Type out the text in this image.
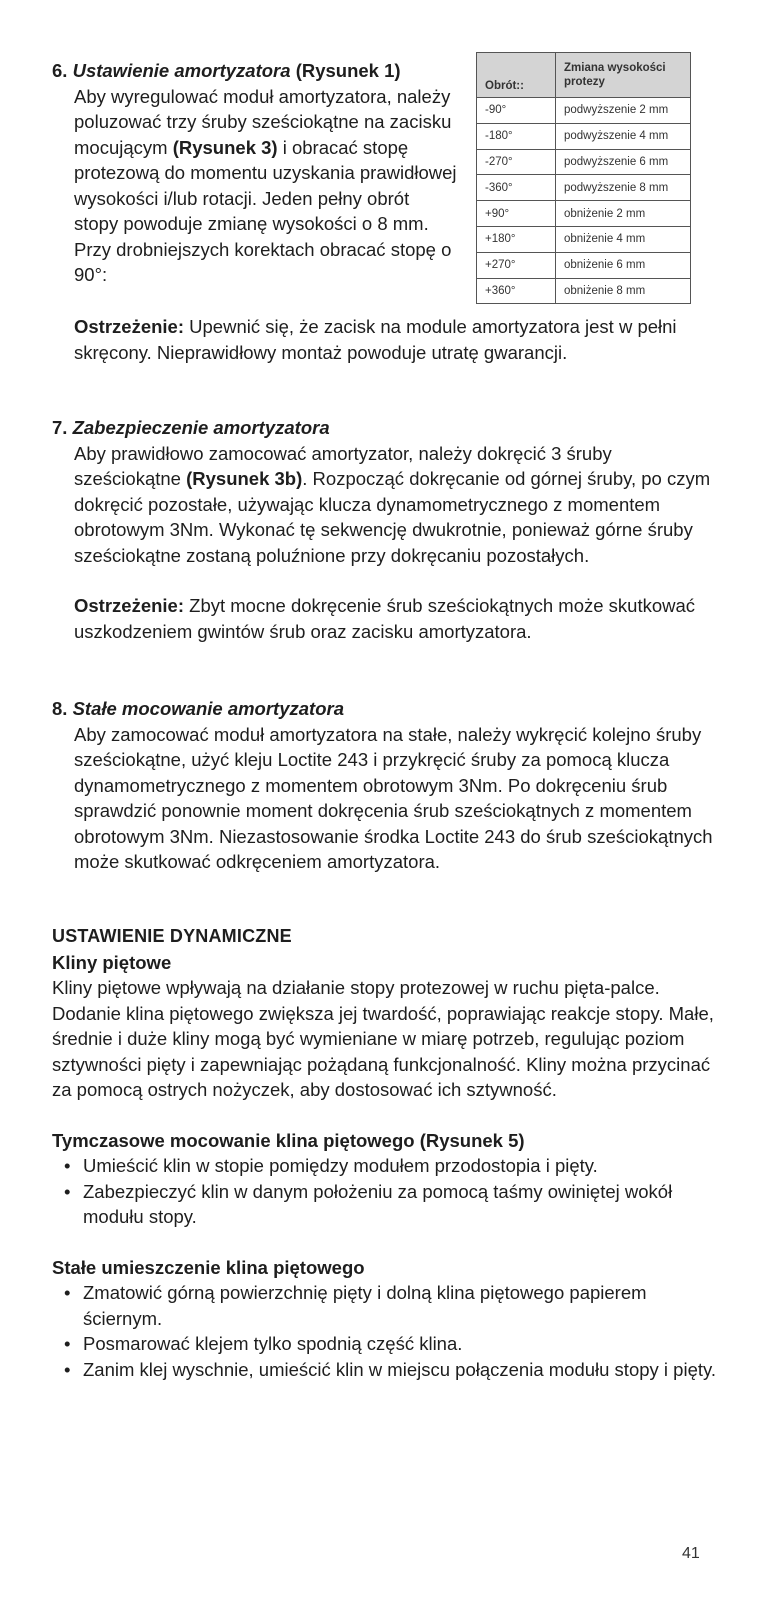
6. Ustawienie amortyzatora (Rysunek 1)

Aby wyregulować moduł amortyzatora, należy poluzować trzy śruby sześciokątne na zacisku mocującym (Rysunek 3) i obracać stopę protezową do momentu uzyskania prawidłowej wysokości i/lub rotacji. Jeden pełny obrót stopy powoduje zmianę wysokości o 8 mm. Przy drobniejszych korektach obracać stopę o 90°:

Obrót::	Zmiana wysokości protezy
-90°	podwyższenie 2 mm
-180°	podwyższenie 4 mm
-270°	podwyższenie 6 mm
-360°	podwyższenie 8 mm
+90°	obniżenie 2 mm
+180°	obniżenie 4 mm
+270°	obniżenie 6 mm
+360°	obniżenie 8 mm

Ostrzeżenie: Upewnić się, że zacisk na module amortyzatora jest w pełni skręcony. Nieprawidłowy montaż powoduje utratę gwarancji.

7. Zabezpieczenie amortyzatora

Aby prawidłowo zamocować amortyzator, należy dokręcić 3 śruby sześciokątne (Rysunek 3b). Rozpocząć dokręcanie od górnej śruby, po czym dokręcić pozostałe, używając klucza dynamometrycznego z momentem obrotowym 3Nm. Wykonać tę sekwencję dwukrotnie, ponieważ górne śruby sześciokątne zostaną poluźnione przy dokręcaniu pozostałych.

Ostrzeżenie: Zbyt mocne dokręcenie śrub sześciokątnych może skutkować uszkodzeniem gwintów śrub oraz zacisku amortyzatora.

8. Stałe mocowanie amortyzatora

Aby zamocować moduł amortyzatora na stałe, należy wykręcić kolejno śruby sześciokątne, użyć kleju Loctite 243 i przykręcić śruby za pomocą klucza dynamometrycznego z momentem obrotowym 3Nm. Po dokręceniu śrub sprawdzić ponownie moment dokręcenia śrub sześciokątnych z momentem obrotowym 3Nm. Niezastosowanie środka Loctite 243 do śrub sześciokątnych może skutkować odkręceniem amortyzatora.

USTAWIENIE DYNAMICZNE

Kliny piętowe

Kliny piętowe wpływają na działanie stopy protezowej w ruchu pięta-palce. Dodanie klina piętowego zwiększa jej twardość, poprawiając reakcje stopy. Małe, średnie i duże kliny mogą być wymieniane w miarę potrzeb, regulując poziom sztywności pięty i zapewniając pożądaną funkcjonalność. Kliny można przycinać za pomocą ostrych nożyczek, aby dostosować ich sztywność.

Tymczasowe mocowanie klina piętowego (Rysunek 5)

• Umieścić klin w stopie pomiędzy modułem przodostopia i pięty.
• Zabezpieczyć klin w danym położeniu za pomocą taśmy owiniętej wokół modułu stopy.

Stałe umieszczenie klina piętowego

• Zmatowić górną powierzchnię pięty i dolną klina piętowego papierem ściernym.
• Posmarować klejem tylko spodnią część klina.
• Zanim klej wyschnie, umieścić klin w miejscu połączenia modułu stopy i pięty.
41
